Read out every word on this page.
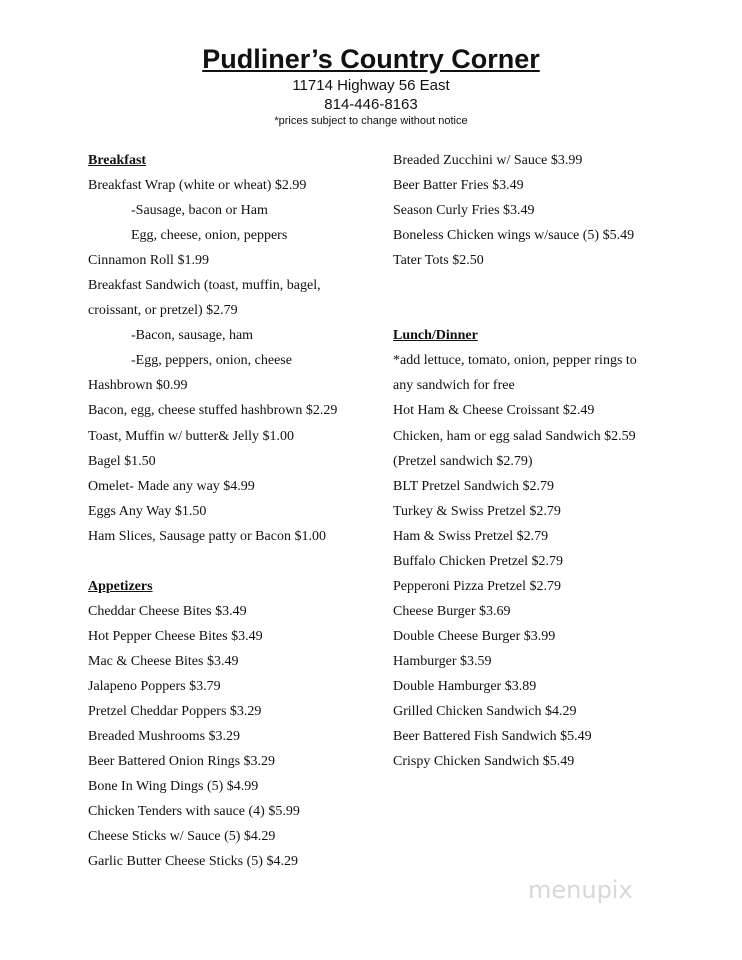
Pudliner’s Country Corner
11714 Highway 56 East
814-446-8163
*prices subject to change without notice
Breakfast
Breakfast Wrap (white or wheat) $2.99
-Sausage, bacon or Ham
Egg, cheese, onion, peppers
Cinnamon Roll $1.99
Breakfast Sandwich (toast, muffin, bagel,
croissant, or pretzel) $2.79
-Bacon, sausage, ham
-Egg, peppers, onion, cheese
Hashbrown $0.99
Bacon, egg, cheese stuffed hashbrown $2.29
Toast, Muffin w/ butter& Jelly $1.00
Bagel $1.50
Omelet- Made any way $4.99
Eggs Any Way $1.50
Ham Slices, Sausage patty or Bacon $1.00
Appetizers
Cheddar Cheese Bites $3.49
Hot Pepper Cheese Bites $3.49
Mac & Cheese Bites $3.49
Jalapeno Poppers $3.79
Pretzel Cheddar Poppers $3.29
Breaded Mushrooms $3.29
Beer Battered Onion Rings $3.29
Bone In Wing Dings (5) $4.99
Chicken Tenders with sauce (4) $5.99
Cheese Sticks w/ Sauce (5) $4.29
Garlic Butter Cheese Sticks (5) $4.29
Breaded Zucchini w/ Sauce $3.99
Beer Batter Fries $3.49
Season Curly Fries $3.49
Boneless Chicken wings w/sauce (5) $5.49
Tater Tots $2.50
Lunch/Dinner
*add lettuce, tomato, onion, pepper rings to
any sandwich for free
Hot Ham & Cheese Croissant $2.49
Chicken, ham or egg salad Sandwich $2.59
(Pretzel sandwich $2.79)
BLT Pretzel Sandwich $2.79
Turkey & Swiss Pretzel $2.79
Ham & Swiss Pretzel $2.79
Buffalo Chicken Pretzel $2.79
Pepperoni Pizza Pretzel $2.79
Cheese Burger $3.69
Double Cheese Burger $3.99
Hamburger $3.59
Double Hamburger $3.89
Grilled Chicken Sandwich $4.29
Beer Battered Fish Sandwich $5.49
Crispy Chicken Sandwich $5.49
menupix
